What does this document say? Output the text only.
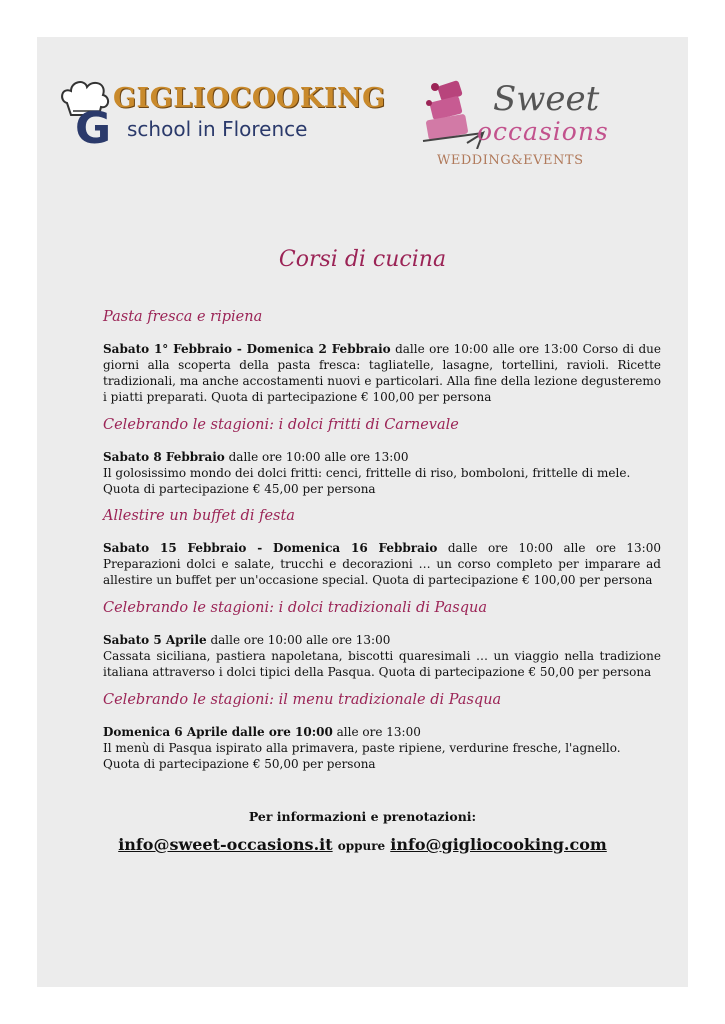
GIGLIOCOOKING
G school in Florence
Sweet
occasions
WEDDING&EVENTS
Corsi di cucina
Pasta fresca e ripiena
Sabato 1° Febbraio - Domenica 2 Febbraio dalle ore 10:00 alle ore 13:00 Corso di due giorni alla scoperta della pasta fresca: tagliatelle, lasagne, tortellini, ravioli. Ricette tradizionali, ma anche accostamenti nuovi e particolari. Alla fine della lezione degusteremo i piatti preparati. Quota di partecipazione € 100,00 per persona
Celebrando le stagioni: i dolci fritti di Carnevale
Sabato 8 Febbraio dalle ore 10:00 alle ore 13:00
Il golosissimo mondo dei dolci fritti: cenci, frittelle di riso, bomboloni, frittelle di mele.
Quota di partecipazione € 45,00 per persona
Allestire un buffet di festa
Sabato 15 Febbraio - Domenica 16 Febbraio dalle ore 10:00 alle ore 13:00 Preparazioni dolci e salate, trucchi e decorazioni … un corso completo per imparare ad allestire un buffet per un'occasione special. Quota di partecipazione € 100,00 per persona
Celebrando le stagioni: i dolci tradizionali di Pasqua
Sabato 5 Aprile dalle ore 10:00 alle ore 13:00
Cassata siciliana, pastiera napoletana, biscotti quaresimali … un viaggio nella tradizione italiana attraverso i dolci tipici della Pasqua. Quota di partecipazione € 50,00 per persona
Celebrando le stagioni: il menu tradizionale di Pasqua
Domenica 6 Aprile dalle ore 10:00 alle ore 13:00
Il menù di Pasqua ispirato alla primavera, paste ripiene, verdurine fresche, l'agnello.
Quota di partecipazione € 50,00 per persona
Per informazioni e prenotazioni:
info@sweet-occasions.it oppure info@gigliocooking.com
